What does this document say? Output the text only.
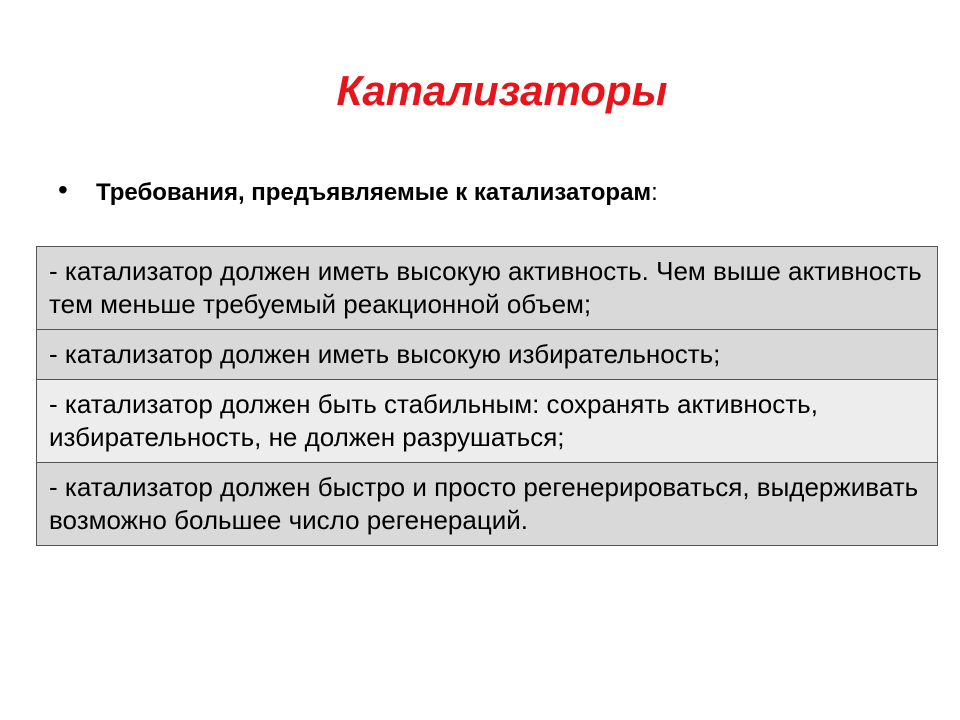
Катализаторы
• Требования, предъявляемые к катализаторам:
- катализатор должен иметь высокую активность. Чем выше активность тем меньше требуемый реакционной объем;
- катализатор должен иметь высокую избирательность;
- катализатор должен быть стабильным: сохранять активность, избирательность, не должен разрушаться;
- катализатор должен быстро и просто регенерироваться, выдерживать возможно большее число регенераций.
